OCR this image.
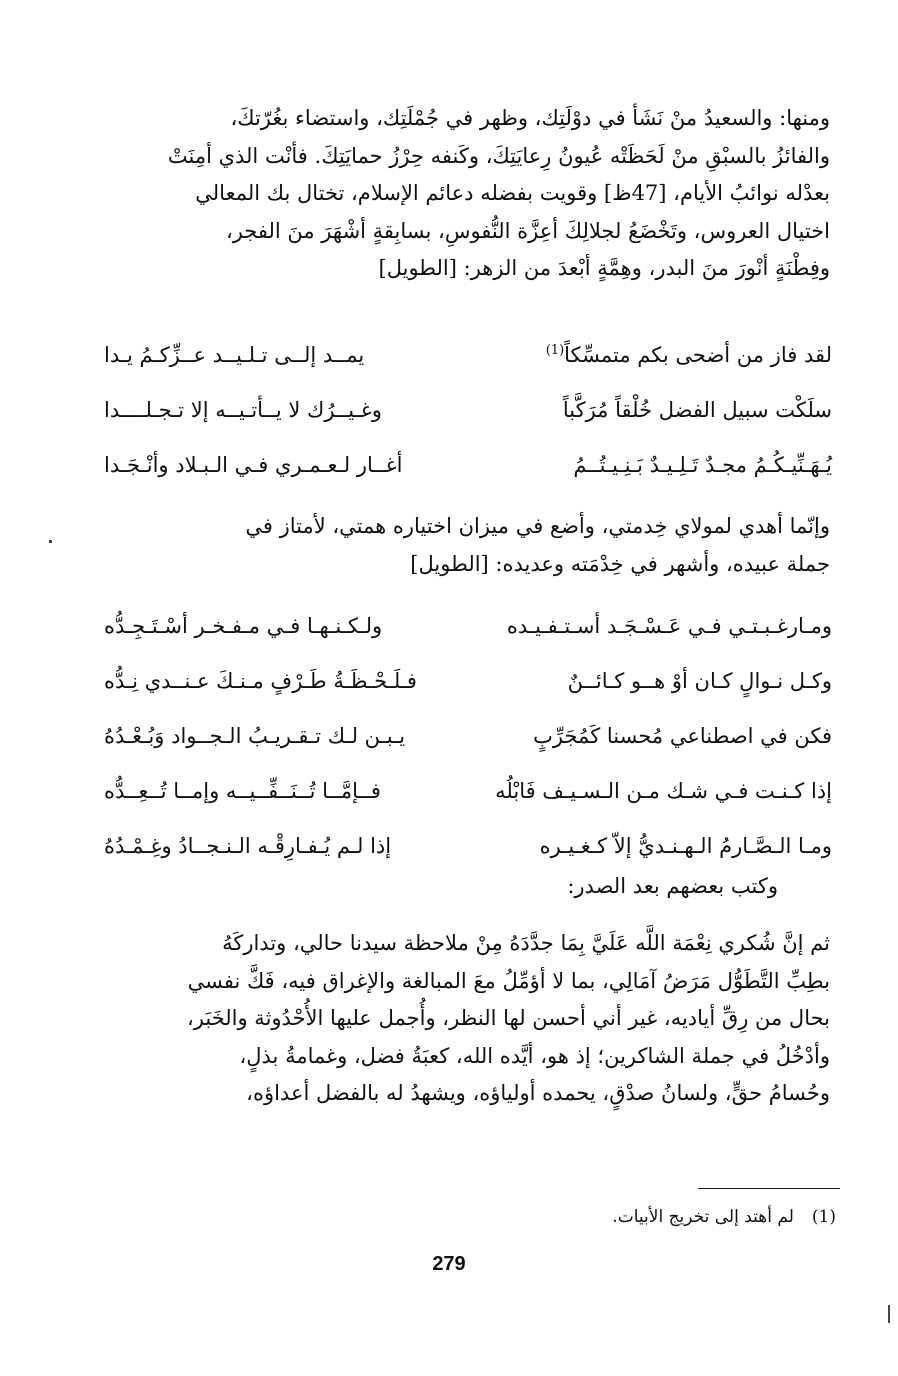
ومنها: والسعيدُ منْ نَشَأ في دوْلَتِك، وظهر في جُمْلَتِك، واستضاء بغُرّتكَ،

والفائزُ بالسبْقِ منْ لَحَظَتْه عُيونُ رِعايَتِكَ، وكَنفه حِرْزُ حمايَتِكَ. فأنْت الذي أمِنَتْ

بعدْله نوائبُ الأيام، [47ظ] وقويت بفضله دعائم الإسلام، تختال بك المعالي

اختيال العروس، وتَخْضَعُ لجلالِكَ أعِزَّة النُّفوسِ، بسابِقةٍ أشْهَرَ منَ الفجر،

وفِطْنَةٍ أنْورَ منَ البدر، وهِمَّةٍ أبْعدَ من الزهر: [الطويل]

لقد فاز من أضحى بكم متمسِّكاً$^{(1)}$
يمــد إلــى تـلـيــد عــزِّكـمُ يـدا
سلَكْت سبيل الفضل خُلْقاً مُرَكَّباً
وغـيــرُك لا يــأتـيــه إلا تـجـلــــدا
يُـهَـنِّيـكُـمُ مجـدٌ تَـلِـيـدٌ بَـنِـيـتُــمُ
أغــار لـعـمـري فـي الـبـلاد وأنْـجَـدا

وإنّما أهدي لمولاي خِدمتي، وأضع في ميزان اختياره همتي، لأمتاز في

جملة عبيده، وأشهر في خِدْمَته وعديده: [الطويل]

ومـارغـبـتـي فـي عَـسْـجَـد أسـتـفـيـده
ولـكـنـهـا فـي مـفـخـر أسْـتَـجِـدُّه
وكـل نـوالٍ كـان أوْ هــو كـائــنٌ
فـلَـحْـظَـةُ طَـرْفٍ مـنـكَ عـنــدي نِـدُّه
فكن في اصطناعي مُحسنا كَمُجَرِّبٍ
يـبـن لـك تـقـريـبُ الـجــواد وَبُـعْـدُهُ
إذا كـنـت فـي شـك مـن الـسـيـف فَابْلُه
فــإمَّــا تُــنَــفِّــيــه وإمــا تُــعِــدُّه
ومـا الـصَّـارمُ الـهـنـديُّ إلاّ كـغـيـره
إذا لـم يُـفـارِقْـه الـنـجــادُ وغِـمْـدُهُ

وكتب بعضهم بعد الصدر:

ثم إنَّ شُكري نِعْمَة اللَّه عَلَيَّ بِمَا جدَّدَهُ مِنْ ملاحظة سيدنا حالي، وتداركَهُ

بطِبِّ التَّطَوُّل مَرَضُ آمَالِي، بما لا أؤمِّلُ معَ المبالغة والإغراق فيه، فَكَّ نفسي

بحال من رِقِّ أياديه، غير أني أحسن لها النظر، وأُجمل عليها الأُحْدُوثة والخَبَر،

وأدْخُلُ في جملة الشاكرين؛ إذ هو، أيَّده الله، كعبَةُ فضل، وغمامةُ بذلٍ،

وحُسامُ حقٍّ، ولسانُ صدْقٍ، يحمده أولياؤه، ويشهدُ له بالفضل أعداؤه،

(1)لم أهتد إلى تخريج الأبيات.
279
